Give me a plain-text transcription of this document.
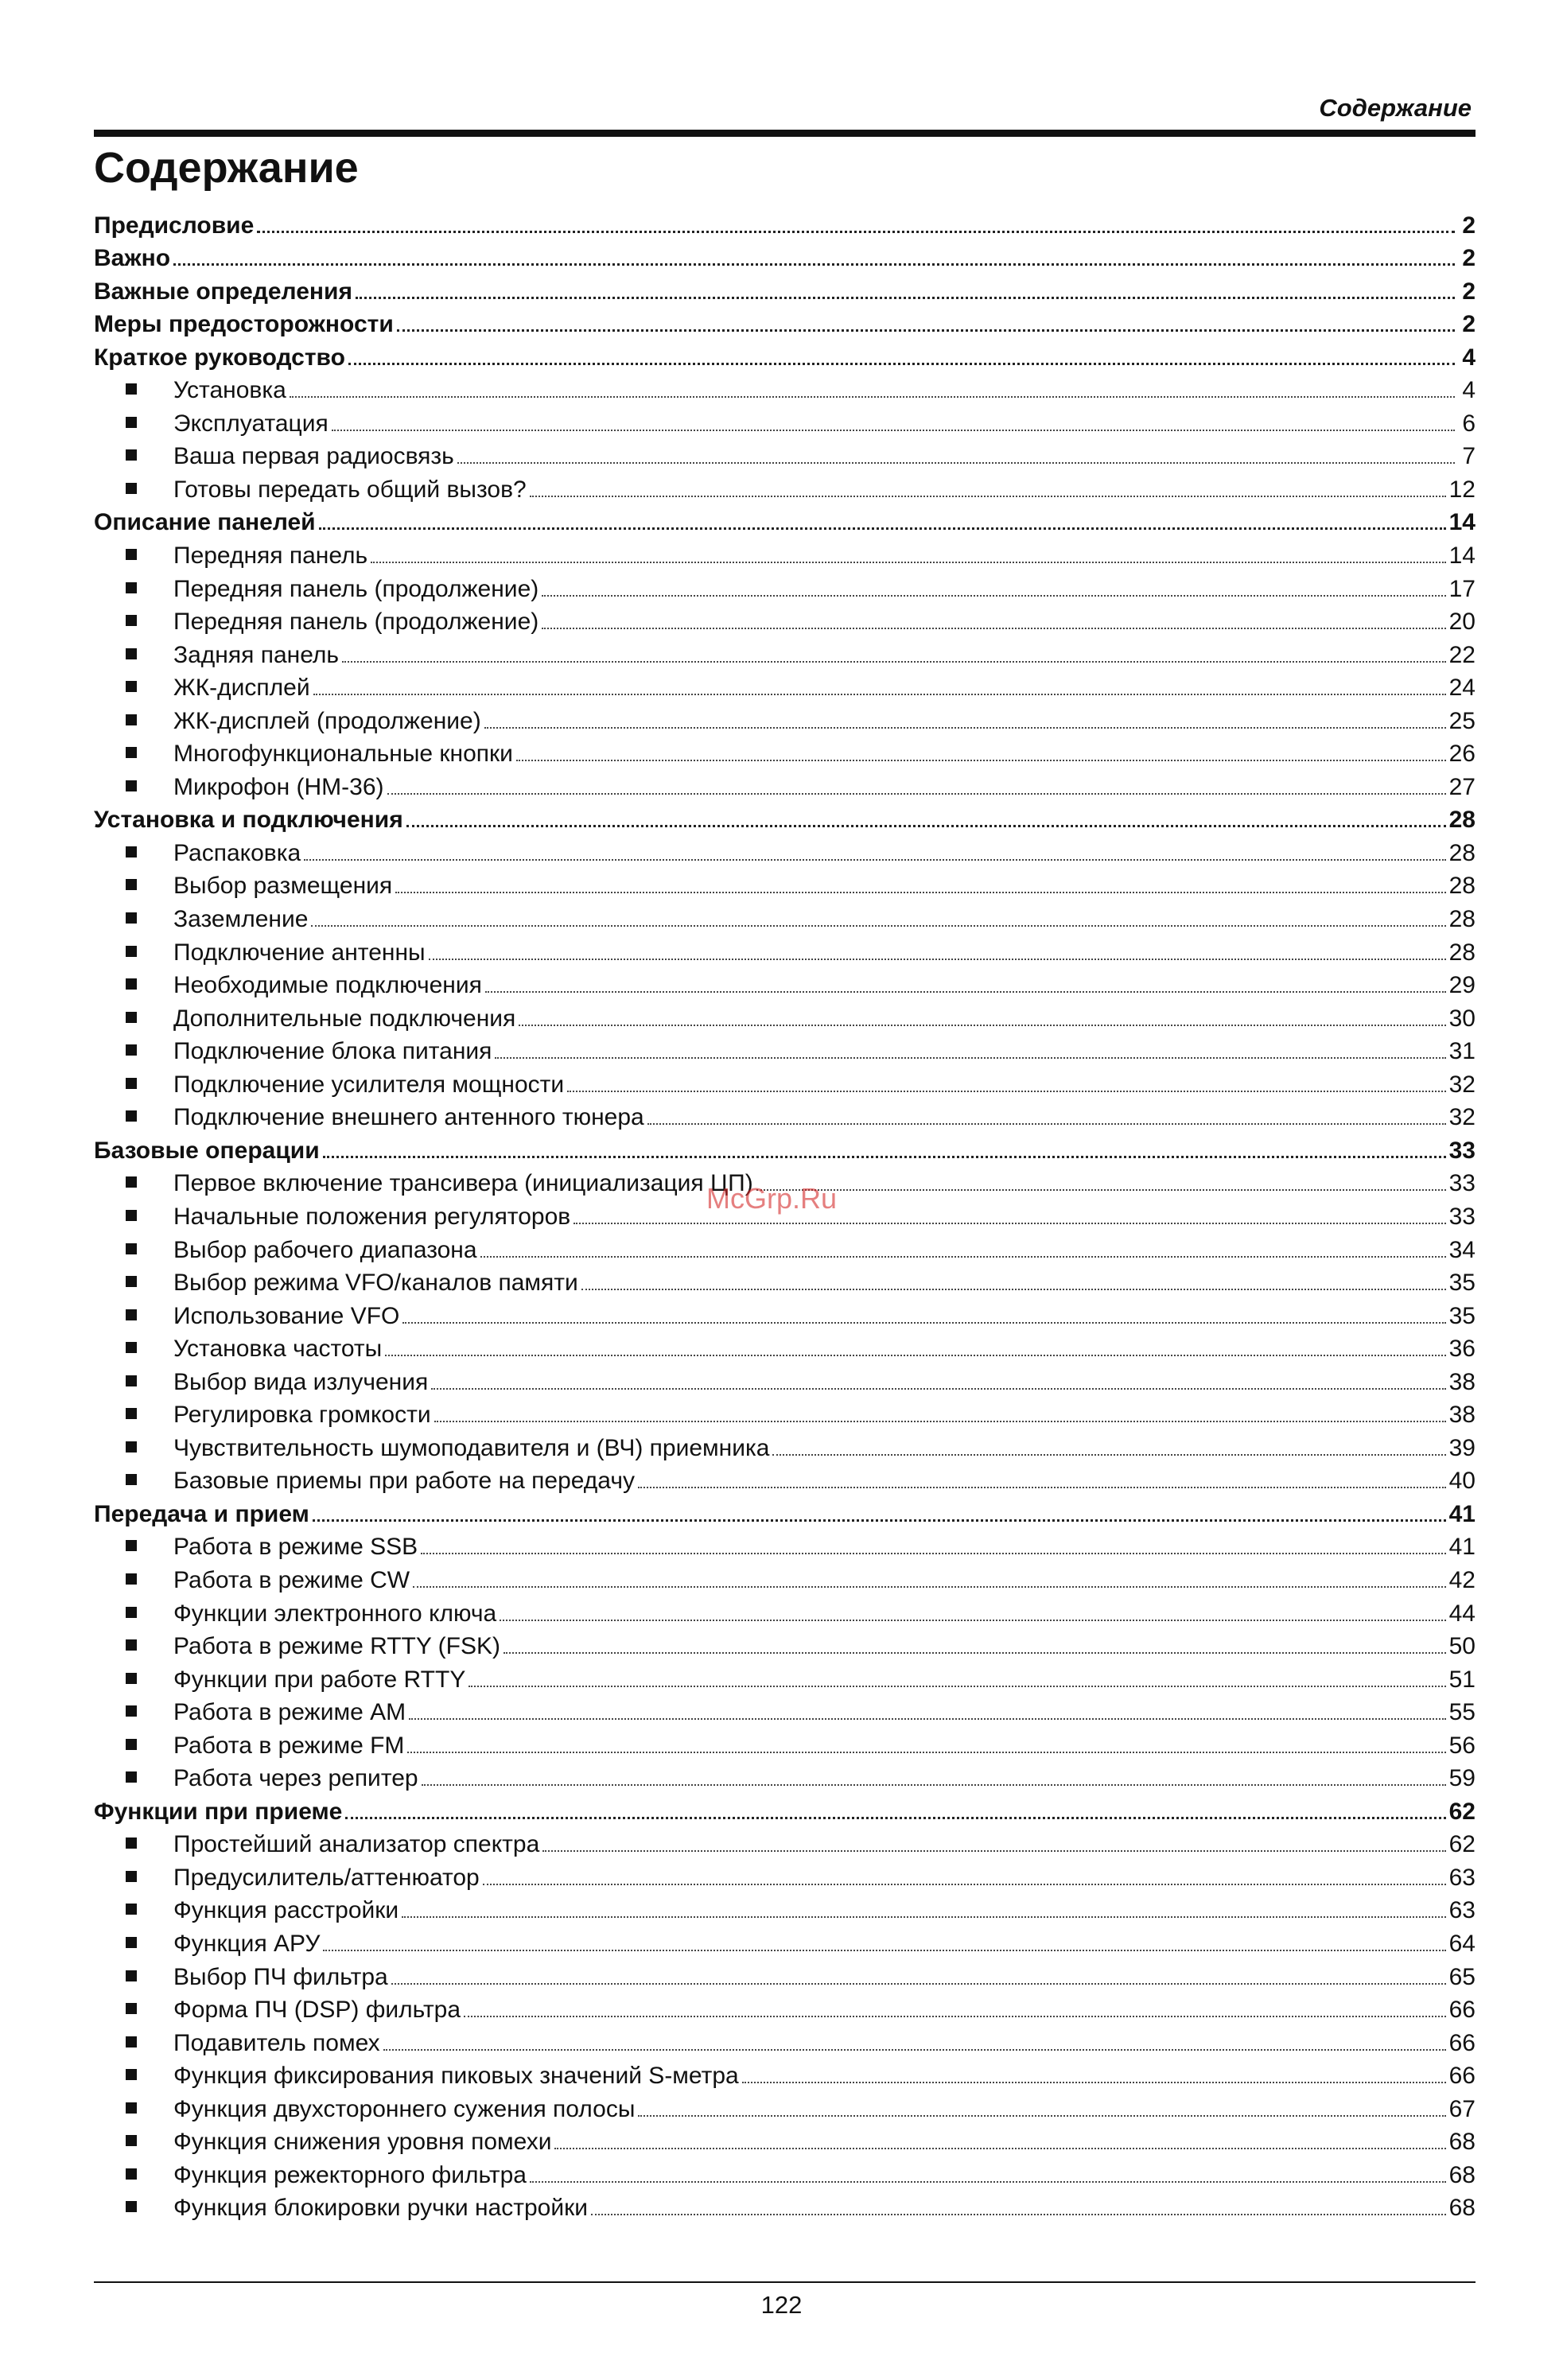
Содержание
Содержание
Предисловие	2
Важно	2
Важные определения	2
Меры предосторожности	2
Краткое руководство	4
Установка	4
Эксплуатация	6
Ваша первая радиосвязь	7
Готовы передать общий вызов?	12
Описание панелей	14
Передняя панель	14
Передняя панель (продолжение)	17
Передняя панель (продолжение)	20
Задняя панель	22
ЖК-дисплей	24
ЖК-дисплей (продолжение)	25
Многофункциональные кнопки	26
Микрофон (HM-36)	27
Установка и подключения	28
Распаковка	28
Выбор размещения	28
Заземление	28
Подключение антенны	28
Необходимые подключения	29
Дополнительные подключения	30
Подключение блока питания	31
Подключение усилителя мощности	32
Подключение внешнего антенного тюнера	32
Базовые операции	33
Первое включение трансивера (инициализация ЦП)	33
Начальные положения регуляторов	33
Выбор рабочего диапазона	34
Выбор режима VFO/каналов памяти	35
Использование VFO	35
Установка частоты	36
Выбор вида излучения	38
Регулировка громкости	38
Чувствительность шумоподавителя и (ВЧ) приемника	39
Базовые приемы при работе на передачу	40
Передача и прием	41
Работа в режиме SSB	41
Работа в режиме CW	42
Функции электронного ключа	44
Работа в режиме RTTY (FSK)	50
Функции при работе RTTY	51
Работа в режиме AM	55
Работа в режиме FM	56
Работа через репитер	59
Функции при приеме	62
Простейший анализатор спектра	62
Предусилитель/аттенюатор	63
Функция расстройки	63
Функция АРУ	64
Выбор ПЧ фильтра	65
Форма ПЧ (DSP) фильтра	66
Подавитель помех	66
Функция фиксирования пиковых значений S-метра	66
Функция двухстороннего сужения полосы	67
Функция снижения уровня помехи	68
Функция режекторного фильтра	68
Функция блокировки ручки настройки	68
McGrp.Ru
122
